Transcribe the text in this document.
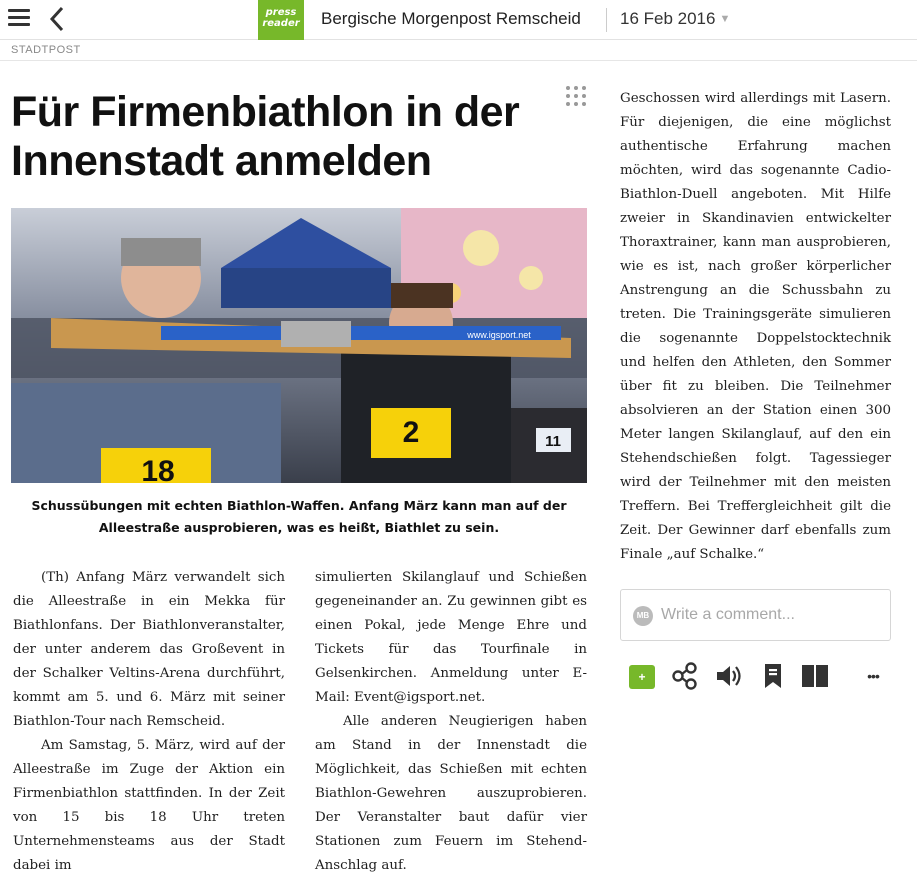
press
reader Bergische Morgenpost Remscheid 16 Feb 2016 ▼
STADTPOST
Für Firmenbiathlon in der Innenstadt anmelden
18
2	11
www.igsport.net
Schussübungen mit echten Biathlon-Waffen. Anfang März kann man auf der Alleestraße ausprobieren, was es heißt, Biathlet zu sein.

(Th) Anfang März verwandelt sich die Alleestraße in ein Mekka für Biathlonfans. Der Biathlonveranstalter, der unter anderem das Großevent in der Schalker Veltins-Arena durchführt, kommt am 5. und 6. März mit seiner Biathlon-Tour nach Remscheid.

Am Samstag, 5. März, wird auf der Alleestraße im Zuge der Aktion ein Firmenbiathlon stattfinden. In der Zeit von 15 bis 18 Uhr treten Unternehmensteams aus der Stadt dabei im

simulierten Skilanglauf und Schießen gegeneinander an. Zu gewinnen gibt es einen Pokal, jede Menge Ehre und Tickets für das Tourfinale in Gelsenkirchen. Anmeldung unter E-Mail: Event@igsport.net.

Alle anderen Neugierigen haben am Stand in der Innenstadt die Möglichkeit, das Schießen mit echten Biathlon-Gewehren auszuprobieren. Der Veranstalter baut dafür vier Stationen zum Feuern im Stehend-Anschlag auf.

Geschossen wird allerdings mit Lasern. Für diejenigen, die eine möglichst authentische Erfahrung machen möchten, wird das sogenannte Cadio-Biathlon-Duell angeboten. Mit Hilfe zweier in Skandinavien entwickelter Thoraxtrainer, kann man ausprobieren, wie es ist, nach großer körperlicher Anstrengung an die Schussbahn zu treten. Die Trainingsgeräte simulieren die sogenannte Doppelstocktechnik und helfen den Athleten, den Sommer über fit zu bleiben. Die Teilnehmer absolvieren an der Station einen 300 Meter langen Skilanglauf, auf den ein Stehendschießen folgt. Tagessieger wird der Teilnehmer mit den meisten Treffern. Bei Treffergleichheit gilt die Zeit. Der Gewinner darf ebenfalls zum Finale „auf Schalke.“

MB Write a comment...
+	•••
